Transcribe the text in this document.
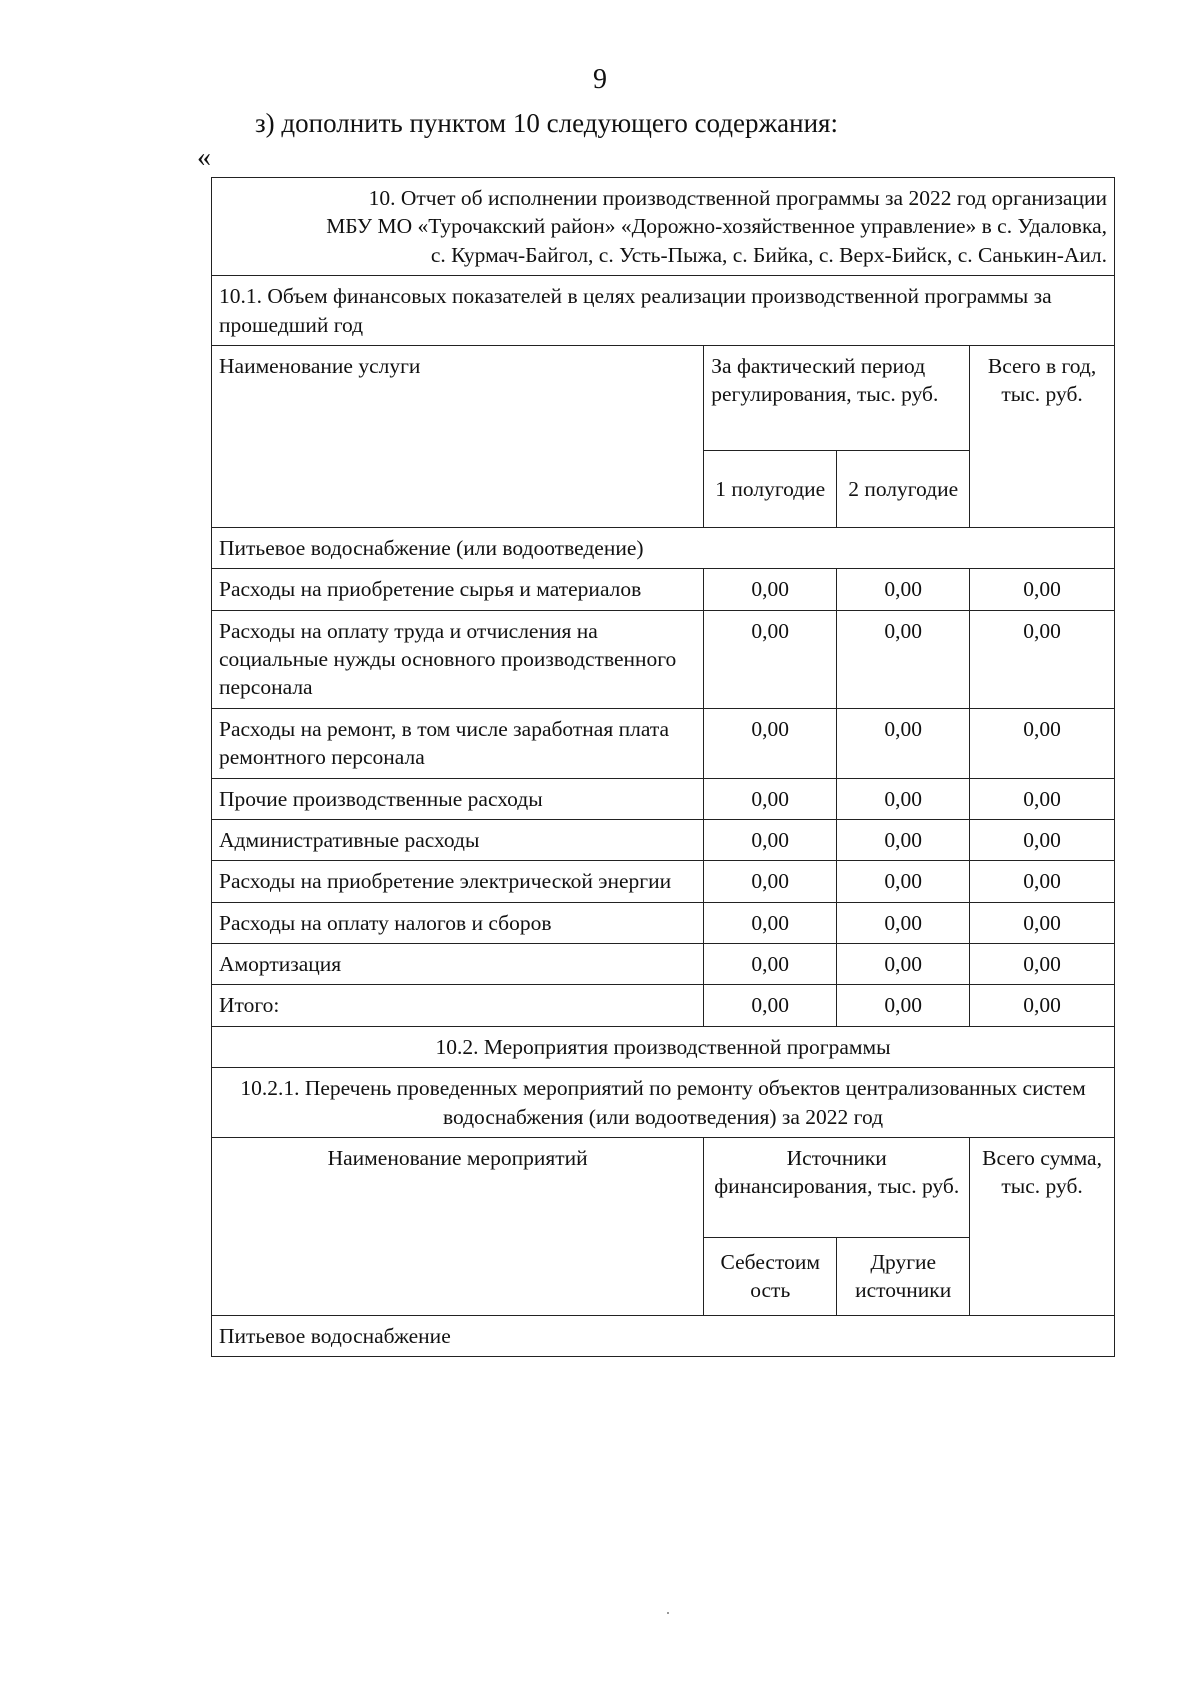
9
з) дополнить пунктом 10 следующего содержания:
«
10. Отчет об исполнении производственной программы за 2022 год организации
МБУ МО «Турочакский район» «Дорожно-хозяйственное управление» в с. Удаловка,
с. Курмач-Байгол, с. Усть-Пыжа, с. Бийка, с. Верх-Бийск, с. Санькин-Аил.			

10.1. Объем финансовых показателей в целях реализации производственной программы за прошедший год			
Наименование услуги	За фактический период регулирования, тыс. руб.		Всего в год, тыс. руб.
	1 полугодие	2 полугодие	
Питьевое водоснабжение (или водоотведение)			
Расходы на приобретение сырья и материалов	0,00	0,00	0,00
Расходы на оплату труда и отчисления на социальные нужды основного производственного персонала	0,00	0,00	0,00
Расходы на ремонт, в том числе заработная плата ремонтного персонала	0,00	0,00	0,00
Прочие производственные расходы	0,00	0,00	0,00
Административные расходы	0,00	0,00	0,00
Расходы на приобретение электрической энергии	0,00	0,00	0,00
Расходы на оплату налогов и сборов	0,00	0,00	0,00
Амортизация	0,00	0,00	0,00
Итого:	0,00	0,00	0,00
10.2. Мероприятия производственной программы			
10.2.1. Перечень проведенных мероприятий по ремонту объектов централизованных систем водоснабжения (или водоотведения) за 2022 год			
Наименование мероприятий	Источники финансирования, тыс. руб.		Всего сумма, тыс. руб.
	Себестоим ость	Другие источники	
Питьевое водоснабжение			
